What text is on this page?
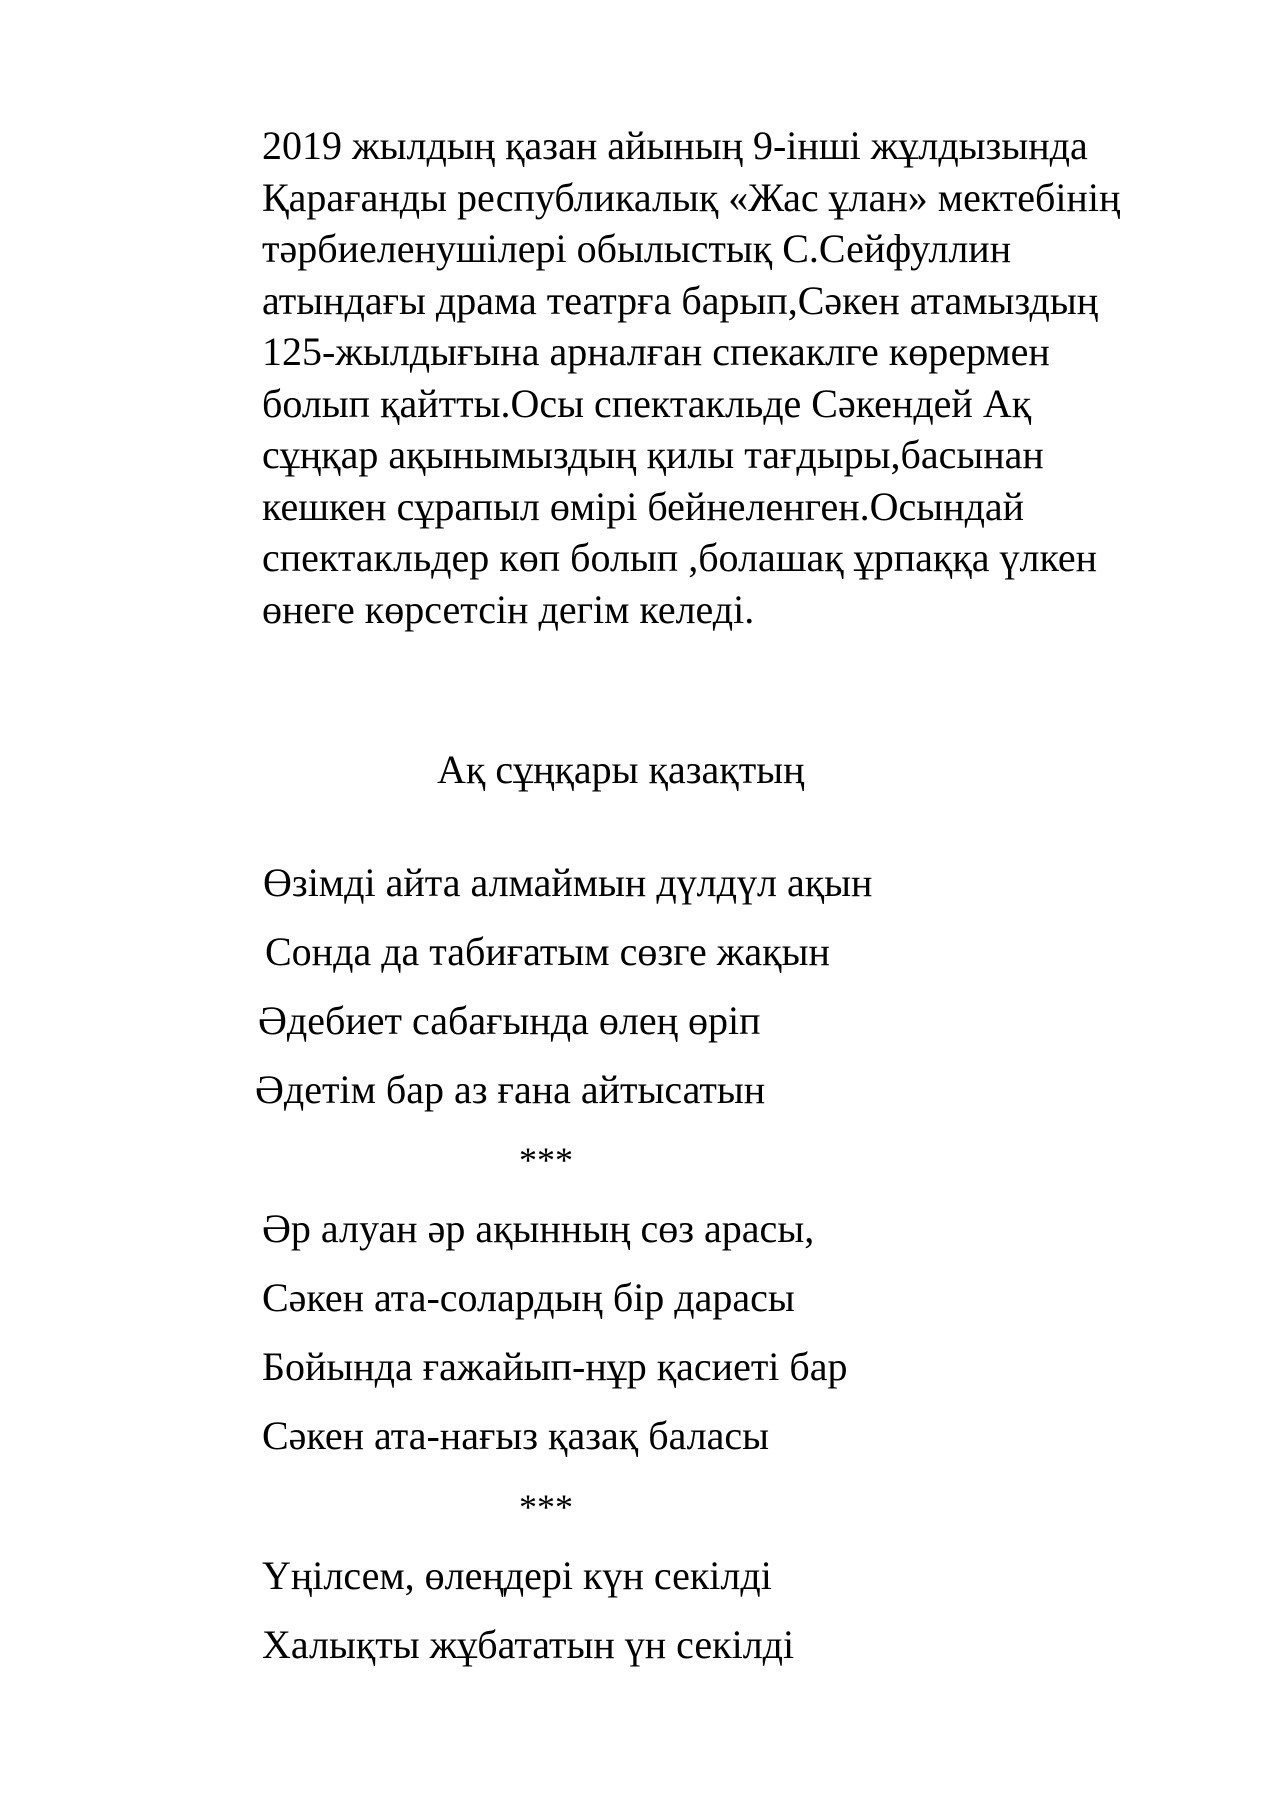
2019 жылдың қазан айының 9-інші жұлдызында
Қарағанды республикалық «Жас ұлан» мектебінің
тәрбиеленушілері обылыстық С.Сейфуллин
атындағы драма театрға барып,Сәкен атамыздың
125-жылдығына арналған спекаклге көрермен
болып қайтты.Осы спектакльде Сәкендей Ақ
сұңқар ақынымыздың қилы тағдыры,басынан
кешкен сұрапыл өмірі бейнеленген.Осындай
спектакльдер көп болып ,болашақ ұрпаққа үлкен
өнеге көрсетсін дегім келеді.

Ақ сұңқары қазақтың
Өзімді айта алмаймын дүлдүл ақын
Сонда да табиғатым сөзге жақын
Әдебиет сабағында өлең өріп
Әдетім бар аз ғана айтысатын
***
Әр алуан әр ақынның сөз арасы,
Сәкен ата-солардың бір дарасы
Бойында ғажайып-нұр қасиеті бар
Сәкен ата-нағыз қазақ баласы
***
Үңілсем, өлеңдері күн секілді
Халықты жұбататын үн секілді
